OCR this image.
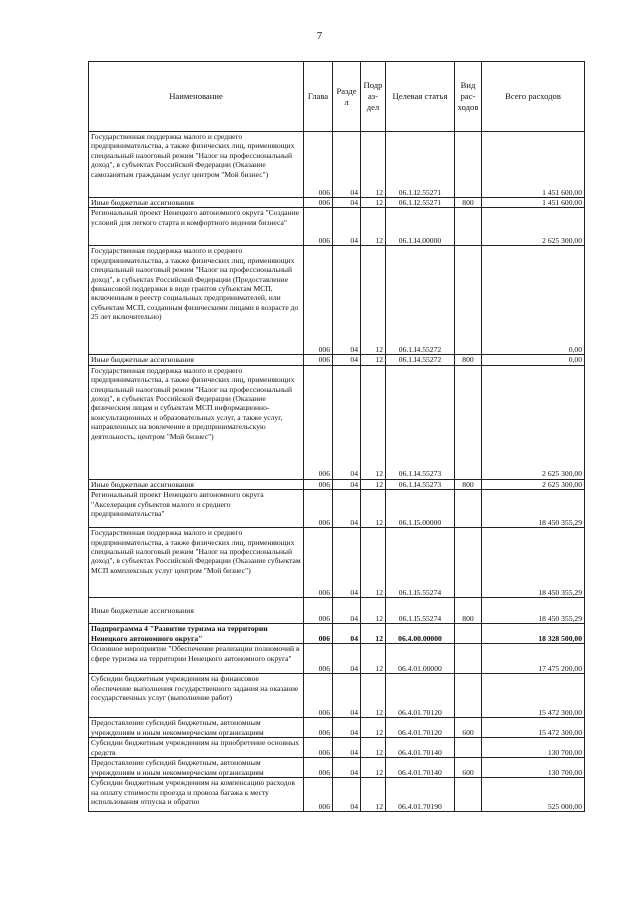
7
Наименование	Глава	Разде л	Подр аз- дел	Целевая статья	Вид рас- ходов	Всего расходов
Государственная поддержка малого и среднего предпринимательства, а также физических лиц, применяющих специальный налоговый режим "Налог на профессиональный доход", в субъектах Российской Федерации (Оказание самозанятым гражданам услуг центром "Мой бизнес")	006	04	12	06.1.I2.55271		1 451 600,00
Иные бюджетные ассигнования	006	04	12	06.1.I2.55271	800	1 451 600,00
Региональный проект Ненецкого автономного округа "Создание условий для легкого старта и комфортного ведения бизнеса"	006	04	12	06.1.I4.00000		2 625 300,00
Государственная поддержка малого и среднего предпринимательства, а также физических лиц, применяющих специальный налоговый режим "Налог на профессиональный доход", в субъектах Российской Федерации (Предоставление финансовой поддержки в виде грантов субъектам МСП, включенным в реестр социальных предпринимателей, или субъектам МСП, созданным физическими лицами в возрасте до 25 лет включительно)	006	04	12	06.1.I4.55272		0,00
Иные бюджетные ассигнования	006	04	12	06.1.I4.55272	800	0,00
Государственная поддержка малого и среднего предпринимательства, а также физических лиц, применяющих специальный налоговый режим "Налог на профессиональный доход", в субъектах Российской Федерации (Оказание физическим лицам и субъектам МСП информационно-консультационных и образовательных услуг, а также услуг, направленных на вовлечение в предпринимательскую деятельность, центром "Мой бизнес")	006	04	12	06.1.I4.55273		2 625 300,00
Иные бюджетные ассигнования	006	04	12	06.1.I4.55273	800	2 625 300,00
Региональный проект Ненецкого автономного округа "Акселерация субъектов малого и среднего предпринимательства"	006	04	12	06.1.I5.00000		18 450 355,29
Государственная поддержка малого и среднего предпринимательства, а также физических лиц, применяющих специальный налоговый режим "Налог на профессиональный доход", в субъектах Российской Федерации (Оказание субъектам МСП комплексных услуг центром "Мой бизнес")	006	04	12	06.1.I5.55274		18 450 355,29
Иные бюджетные ассигнования	006	04	12	06.1.I5.55274	800	18 450 355,29
Подпрограмма 4 "Развитие туризма на территории Ненецкого автономного округа"	006	04	12	06.4.00.00000		18 328 500,00
Основное мероприятие "Обеспечение реализации полномочий в сфере туризма на территории Ненецкого автономного округа"	006	04	12	06.4.01.00000		17 475 200,00
Субсидии бюджетным учреждениям на финансовое обеспечение выполнения государственного задания на оказание государственных услуг (выполнение работ)	006	04	12	06.4.01.70120		15 472 300,00
Предоставление субсидий бюджетным, автономным учреждениям и иным некоммерческим организациям	006	04	12	06.4.01.70120	600	15 472 300,00
Субсидии бюджетным учреждениям на приобретение основных средств	006	04	12	06.4.01.70140		130 700,00
Предоставление субсидий бюджетным, автономным учреждениям и иным некоммерческим организациям	006	04	12	06.4.01.70140	600	130 700,00
Субсидии бюджетным учреждениям на компенсацию расходов на оплату стоимости проезда и провоза багажа к месту использования отпуска и обратно	006	04	12	06.4.01.70190		525 000,00
